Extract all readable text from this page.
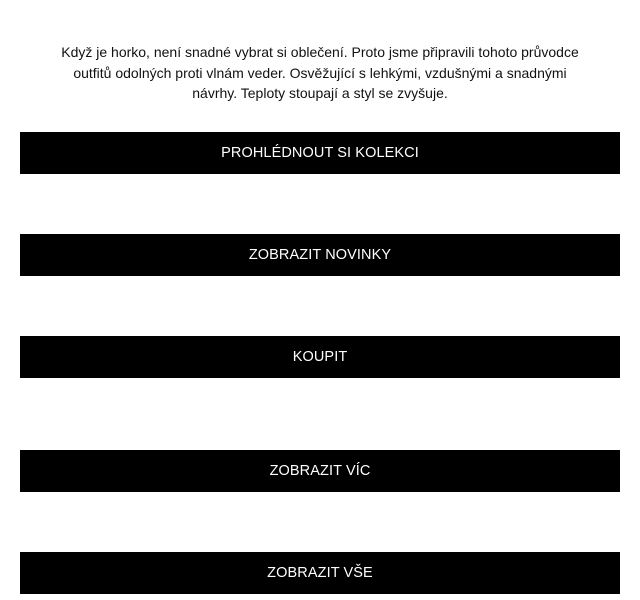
Když je horko, není snadné vybrat si oblečení. Proto jsme připravili tohoto průvodce
outfitů odolných proti vlnám veder. Osvěžující s lehkými, vzdušnými a snadnými
návrhy. Teploty stoupají a styl se zvyšuje.
PROHLÉDNOUT SI KOLEKCI
ZOBRAZIT NOVINKY
KOUPIT
ZOBRAZIT VÍC
ZOBRAZIT VŠE
